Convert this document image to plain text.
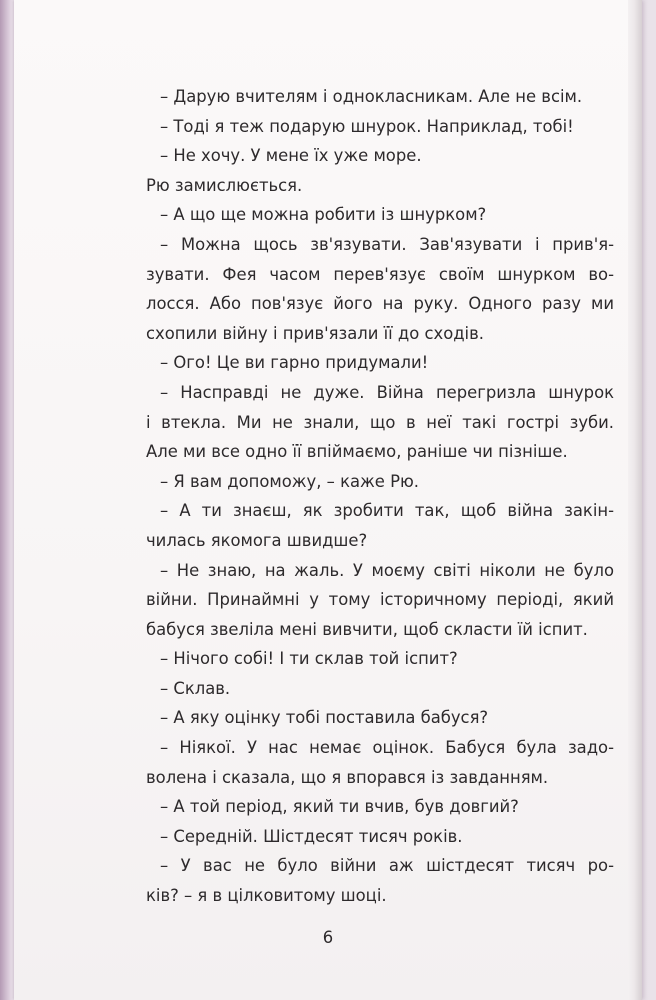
– Дарую вчителям і однокласникам. Але не всім.
– Тоді я теж подарую шнурок. Наприклад, тобі!
– Не хочу. У мене їх уже море.
Рю замислюється.
– А що ще можна робити із шнурком?
– Можна щось зв'язувати. Зав'язувати і прив'я-
зувати. Фея часом перев'язує своїм шнурком во-
лосся. Або пов'язує його на руку. Одного разу ми
схопили війну і прив'язали її до сходів.
– Ого! Це ви гарно придумали!
– Насправді не дуже. Війна перегризла шнурок
і втекла. Ми не знали, що в неї такі гострі зуби.
Але ми все одно її впіймаємо, раніше чи пізніше.
– Я вам допоможу, – каже Рю.
– А ти знаєш, як зробити так, щоб війна закін-
чилась якомога швидше?
– Не знаю, на жаль. У моєму світі ніколи не було
війни. Принаймні у тому історичному періоді, який
бабуся звеліла мені вивчити, щоб скласти їй іспит.
– Нічого собі! І ти склав той іспит?
– Склав.
– А яку оцінку тобі поставила бабуся?
– Ніякої. У нас немає оцінок. Бабуся була задо-
волена і сказала, що я впорався із завданням.
– А той період, який ти вчив, був довгий?
– Середній. Шістдесят тисяч років.
– У вас не було війни аж шістдесят тисяч ро-
ків? – я в цілковитому шоці.
6
